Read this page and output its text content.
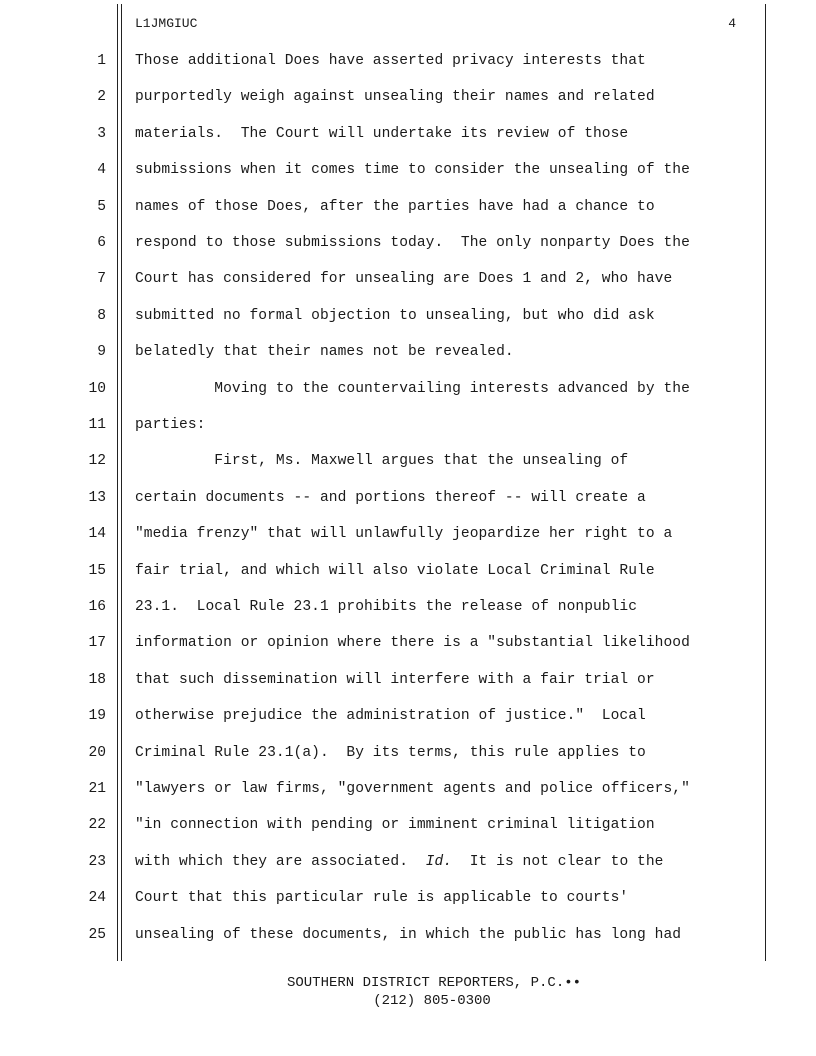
L1JMGIUC	4
1 Those additional Does have asserted privacy interests that
2 purportedly weigh against unsealing their names and related
3 materials.  The Court will undertake its review of those
4 submissions when it comes time to consider the unsealing of the
5 names of those Does, after the parties have had a chance to
6 respond to those submissions today.  The only nonparty Does the
7 Court has considered for unsealing are Does 1 and 2, who have
8 submitted no formal objection to unsealing, but who did ask
9 belatedly that their names not be revealed.
10 Moving to the countervailing interests advanced by the
11 parties:
12 First, Ms. Maxwell argues that the unsealing of
13 certain documents -- and portions thereof -- will create a
14 "media frenzy" that will unlawfully jeopardize her right to a
15 fair trial, and which will also violate Local Criminal Rule
16 23.1.  Local Rule 23.1 prohibits the release of nonpublic
17 information or opinion where there is a "substantial likelihood
18 that such dissemination will interfere with a fair trial or
19 otherwise prejudice the administration of justice."  Local
20 Criminal Rule 23.1(a).  By its terms, this rule applies to
21 "lawyers or law firms, "government agents and police officers,"
22 "in connection with pending or imminent criminal litigation
23 with which they are associated.  Id.  It is not clear to the
24 Court that this particular rule is applicable to courts'
25 unsealing of these documents, in which the public has long had
SOUTHERN DISTRICT REPORTERS, P.C.••
(212) 805-0300
